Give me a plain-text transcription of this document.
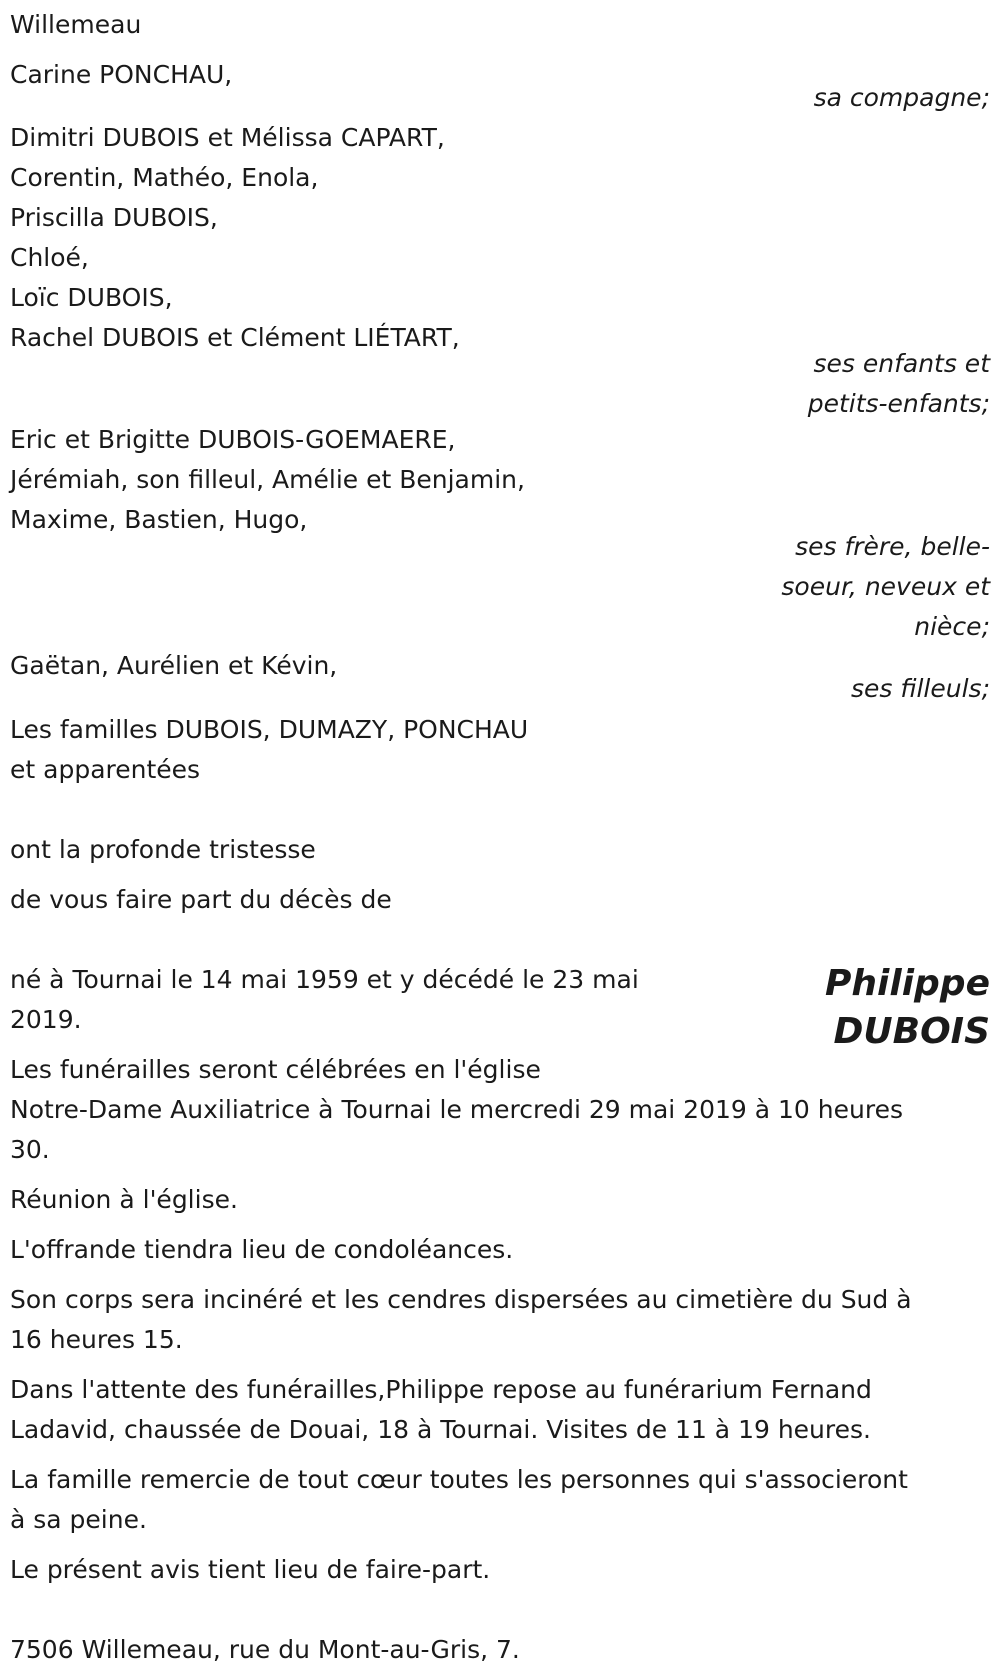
Willemeau
Carine PONCHAU,
sa compagne;
Dimitri DUBOIS et Mélissa CAPART,
Corentin, Mathéo, Enola,
Priscilla DUBOIS,
Chloé,
Loïc DUBOIS,
Rachel DUBOIS et Clément LIÉTART,
ses enfants et
petits-enfants;
Eric et Brigitte DUBOIS-GOEMAERE,
Jérémiah, son filleul, Amélie et Benjamin,
Maxime, Bastien, Hugo,
ses frère, belle-
soeur, neveux et
nièce;
Gaëtan, Aurélien et Kévin,
ses filleuls;
Les familles DUBOIS, DUMAZY, PONCHAU
et apparentées
ont la profonde tristesse
de vous faire part du décès de
Philippe
DUBOIS
né à Tournai le 14 mai 1959 et y décédé le 23 mai
2019.
Les funérailles seront célébrées en l'église
Notre-Dame Auxiliatrice à Tournai le mercredi 29 mai 2019 à 10 heures
30.
Réunion à l'église.
L'offrande tiendra lieu de condoléances.
Son corps sera incinéré et les cendres dispersées au cimetière du Sud à
16 heures 15.
Dans l'attente des funérailles,Philippe repose au funérarium Fernand
Ladavid, chaussée de Douai, 18 à Tournai. Visites de 11 à 19 heures.
La famille remercie de tout cœur toutes les personnes qui s'associeront
à sa peine.
Le présent avis tient lieu de faire-part.
7506 Willemeau, rue du Mont-au-Gris, 7.
